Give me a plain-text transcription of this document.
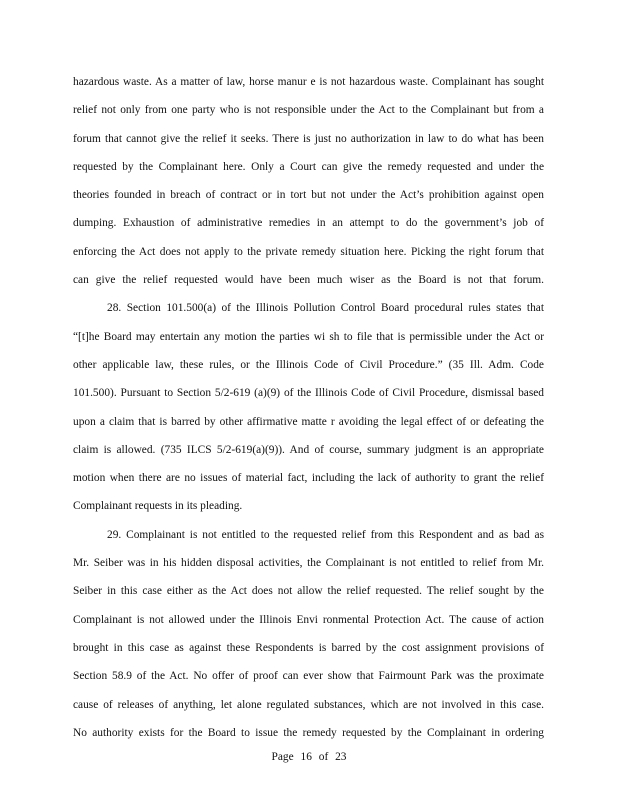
hazardous waste. As a matter of law, horse manur e is not hazardous waste. Complainant has sought
relief not only from one party who is not responsible under the Act to the Complainant but from a
forum that cannot give the relief it seeks. There is just no authorization in law to do what has been
requested by the Complainant here. Only a Court can give the remedy requested and under the
theories founded in breach of contract or in tort but not under the Act’s prohibition against open
dumping. Exhaustion of administrative remedies in an attempt to do the government’s job of
enforcing the Act does not apply to the private remedy situation here. Picking the right forum that
can give the relief requested would have been much wiser as the Board is not that forum.
28. Section 101.500(a) of the Illinois Pollution Control Board procedural rules states that
“[t]he Board may entertain any motion the parties wi sh to file that is permissible under the Act or
other applicable law, these rules, or the Illinois Code of Civil Procedure.” (35 Ill. Adm. Code
101.500). Pursuant to Section 5/2-619 (a)(9) of the Illinois Code of Civil Procedure, dismissal based
upon a claim that is barred by other affirmative matte r avoiding the legal effect of or defeating the
claim is allowed. (735 ILCS 5/2-619(a)(9)). And of course, summary judgment is an appropriate
motion when there are no issues of material fact, including the lack of authority to grant the relief
Complainant requests in its pleading.
29. Complainant is not entitled to the requested relief from this Respondent and as bad as
Mr. Seiber was in his hidden disposal activities, the Complainant is not entitled to relief from Mr.
Seiber in this case either as the Act does not allow the relief requested. The relief sought by the
Complainant is not allowed under the Illinois Envi ronmental Protection Act. The cause of action
brought in this case as against these Respondents is barred by the cost assignment provisions of
Section 58.9 of the Act. No offer of proof can ever show that Fairmount Park was the proximate
cause of releases of anything, let alone regulated substances, which are not involved in this case.
No authority exists for the Board to issue the remedy requested by the Complainant in ordering
Page 16 of 23
